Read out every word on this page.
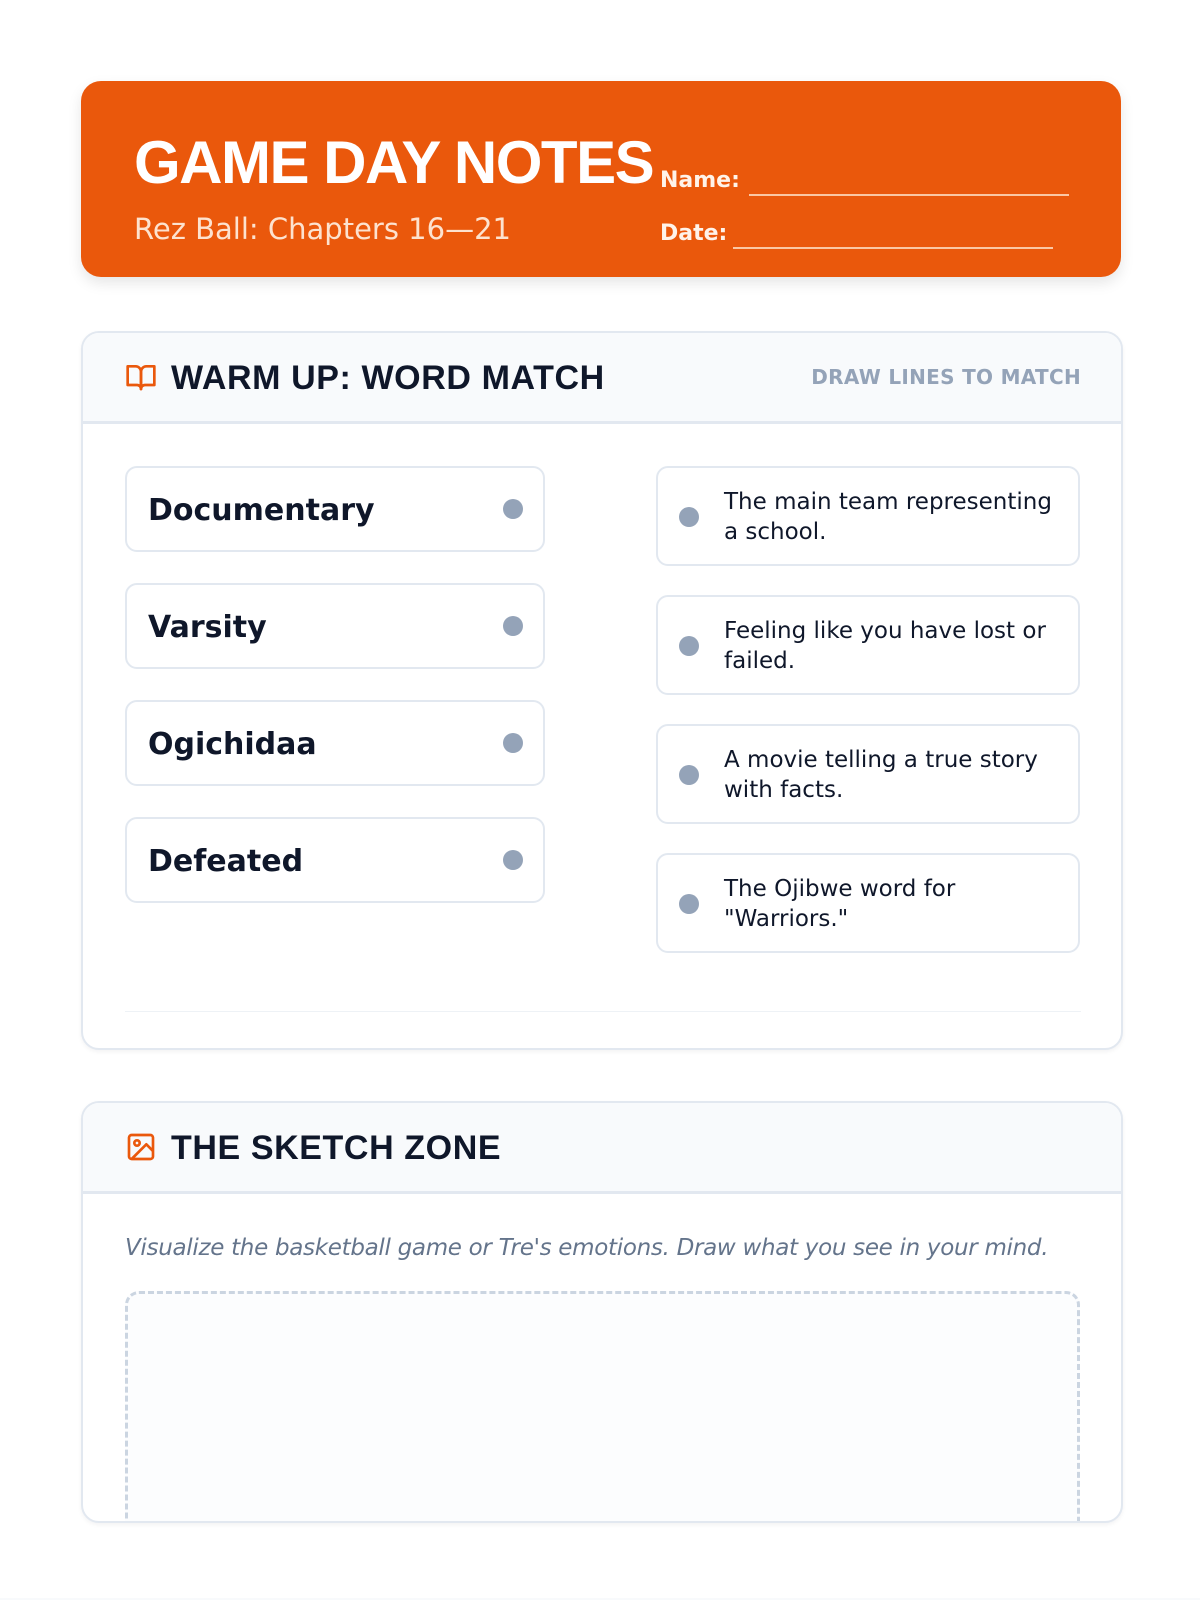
GAME DAY NOTES
Rez Ball: Chapters 16—21
Name:
Date:
WARM UP: WORD MATCH	DRAW LINES TO MATCH
Documentary
Varsity
Ogichidaa
Defeated
The main team representing a school.
Feeling like you have lost or failed.
A movie telling a true story with facts.
The Ojibwe word for "Warriors."
THE SKETCH ZONE
Visualize the basketball game or Tre's emotions. Draw what you see in your mind.
